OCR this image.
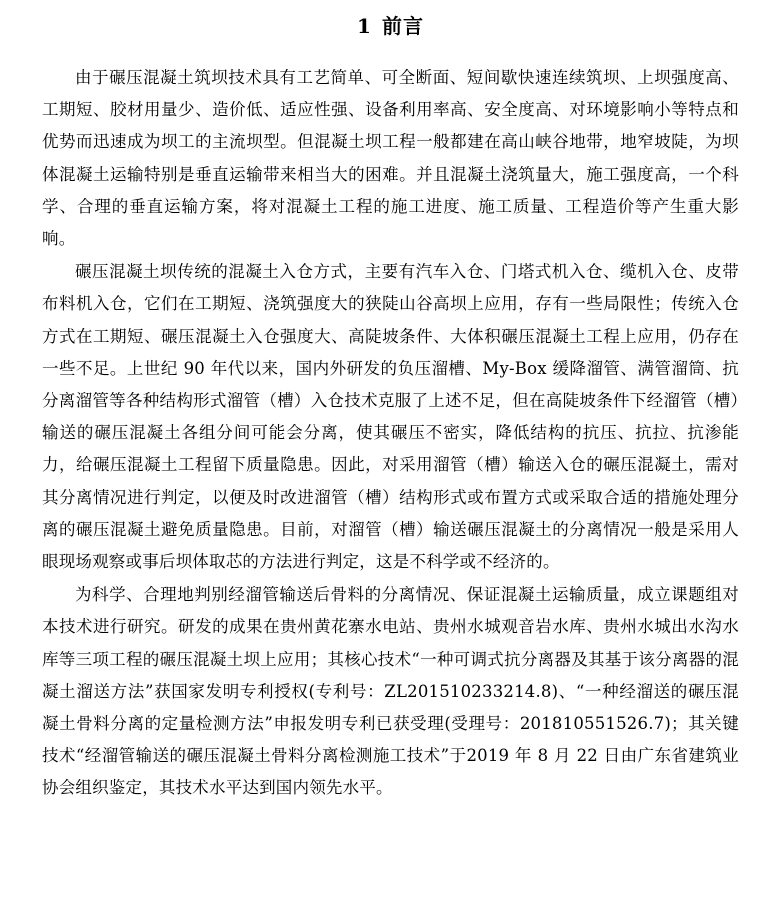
1 前言

由于碾压混凝土筑坝技术具有工艺简单、可全断面、短间歇快速连续筑坝、上坝强度高、工期短、胶材用量少、造价低、适应性强、设备利用率高、安全度高、对环境影响小等特点和优势而迅速成为坝工的主流坝型。但混凝土坝工程一般都建在高山峡谷地带，地窄坡陡，为坝体混凝土运输特别是垂直运输带来相当大的困难。并且混凝土浇筑量大，施工强度高，一个科学、合理的垂直运输方案，将对混凝土工程的施工进度、施工质量、工程造价等产生重大影响。

碾压混凝土坝传统的混凝土入仓方式，主要有汽车入仓、门塔式机入仓、缆机入仓、皮带布料机入仓，它们在工期短、浇筑强度大的狭陡山谷高坝上应用，存有一些局限性；传统入仓方式在工期短、碾压混凝土入仓强度大、高陡坡条件、大体积碾压混凝土工程上应用，仍存在一些不足。上世纪 90 年代以来，国内外研发的负压溜槽、My-Box 缓降溜管、满管溜筒、抗分离溜管等各种结构形式溜管（槽）入仓技术克服了上述不足，但在高陡坡条件下经溜管（槽）输送的碾压混凝土各组分间可能会分离，使其碾压不密实，降低结构的抗压、抗拉、抗渗能力，给碾压混凝土工程留下质量隐患。因此，对采用溜管（槽）输送入仓的碾压混凝土，需对其分离情况进行判定，以便及时改进溜管（槽）结构形式或布置方式或采取合适的措施处理分离的碾压混凝土避免质量隐患。目前，对溜管（槽）输送碾压混凝土的分离情况一般是采用人眼现场观察或事后坝体取芯的方法进行判定，这是不科学或不经济的。

为科学、合理地判别经溜管输送后骨料的分离情况、保证混凝土运输质量，成立课题组对本技术进行研究。研发的成果在贵州黄花寨水电站、贵州水城观音岩水库、贵州水城出水沟水库等三项工程的碾压混凝土坝上应用；其核心技术“一种可调式抗分离器及其基于该分离器的混凝土溜送方法”获国家发明专利授权(专利号：ZL201510233214.8)、“一种经溜送的碾压混凝土骨料分离的定量检测方法”申报发明专利已获受理(受理号：201810551526.7)；其关键技术“经溜管输送的碾压混凝土骨料分离检测施工技术”于2019 年 8 月 22 日由广东省建筑业协会组织鉴定，其技术水平达到国内领先水平。
